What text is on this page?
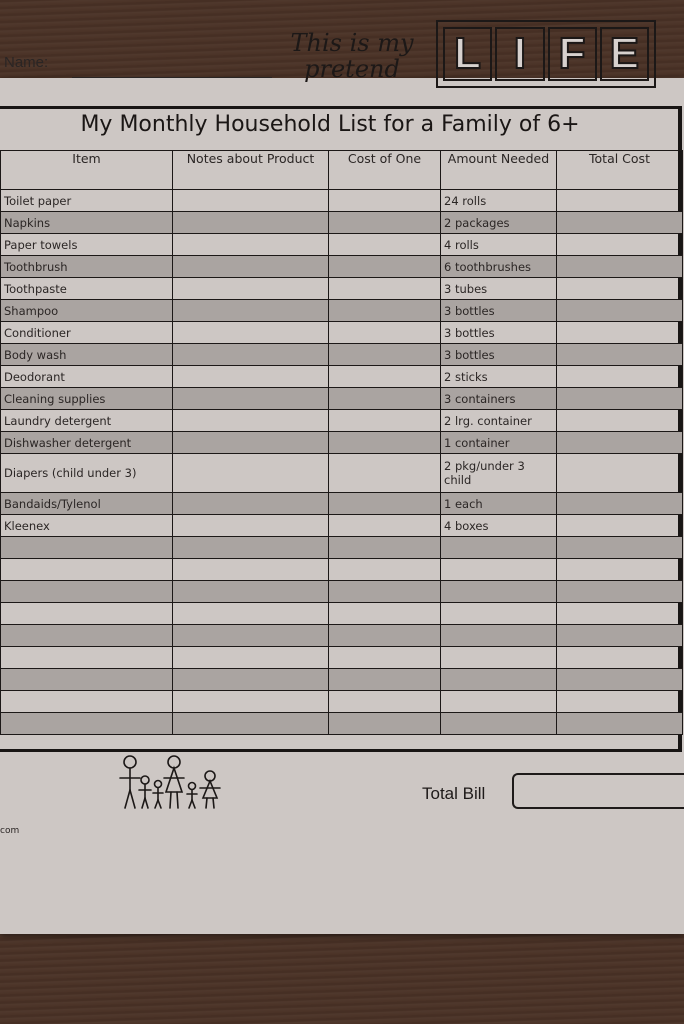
Name:
This is my
pretend	L I F E
My Monthly Household List for a Family of 6+
Item	Notes about Product	Cost of One	Amount Needed	Total Cost
Toilet paper			24 rolls	
Napkins			2 packages	
Paper towels			4 rolls	
Toothbrush			6 toothbrushes	
Toothpaste			3 tubes	
Shampoo			3 bottles	
Conditioner			3 bottles	
Body wash			3 bottles	
Deodorant			2 sticks	
Cleaning supplies			3 containers	
Laundry detergent			2 lrg. container	
Dishwasher detergent			1 container	
Diapers (child under 3)			2 pkg/under 3 child	
Bandaids/Tylenol			1 each	
Kleenex			4 boxes	

Total Bill
com
